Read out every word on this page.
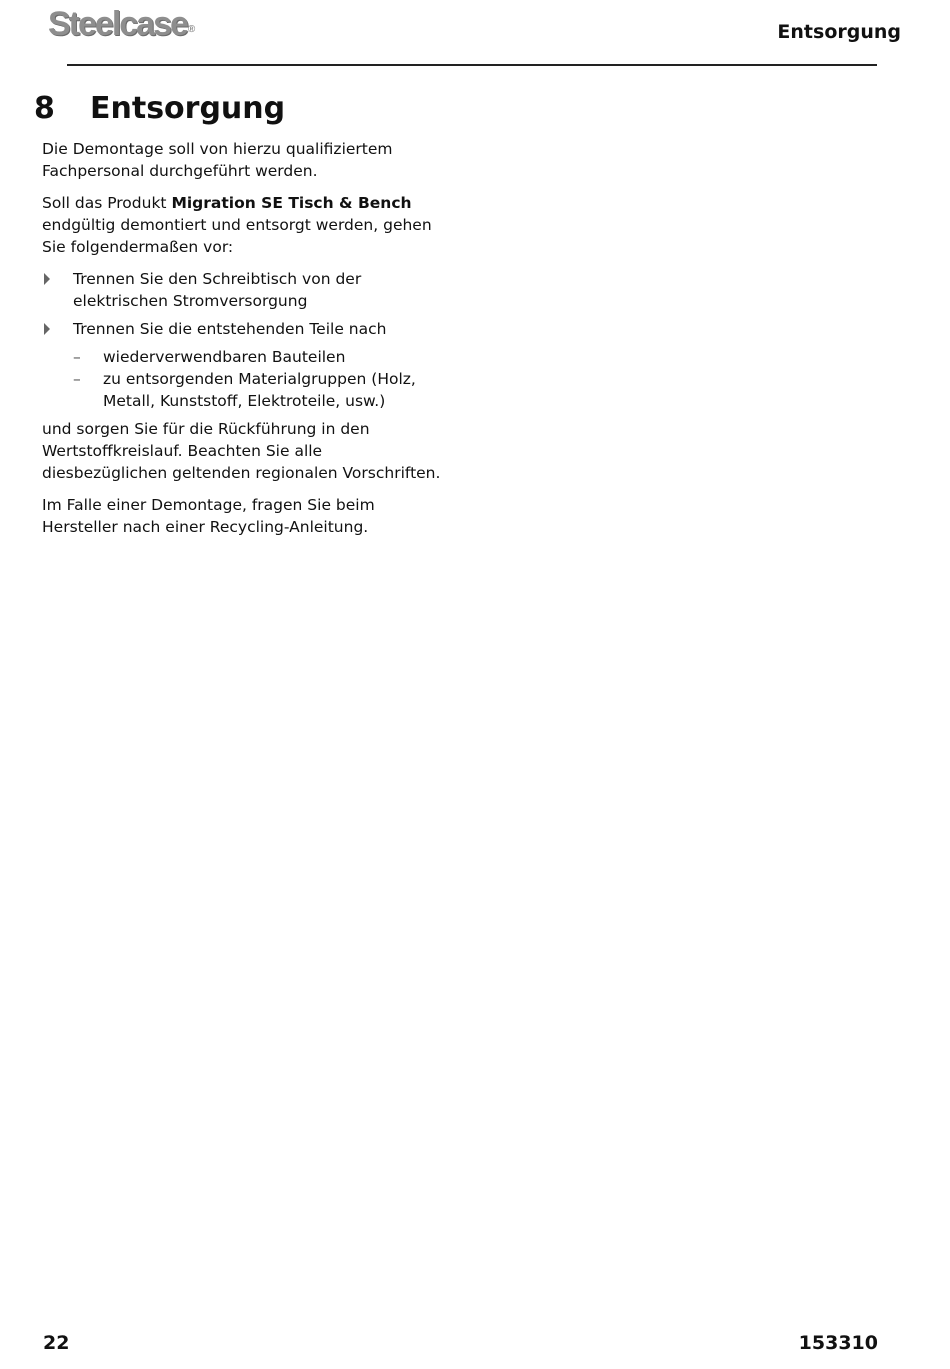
Steelcase®	Entsorgung
8 Entsorgung

Die Demontage soll von hierzu qualifiziertem Fachpersonal durchgeführt werden.

Soll das Produkt Migration SE Tisch & Bench endgültig demontiert und entsorgt werden, gehen Sie folgendermaßen vor:

Trennen Sie den Schreibtisch von der elektrischen Stromversorgung
Trennen Sie die entstehenden Teile nach
– wiederverwendbaren Bauteilen
– zu entsorgenden Materialgruppen (Holz, Metall, Kunststoff, Elektroteile, usw.)

und sorgen Sie für die Rückführung in den Wertstoffkreislauf. Beachten Sie alle diesbezüglichen geltenden regionalen Vorschriften.

Im Falle einer Demontage, fragen Sie beim Hersteller nach einer Recycling-Anleitung.

22	153310
